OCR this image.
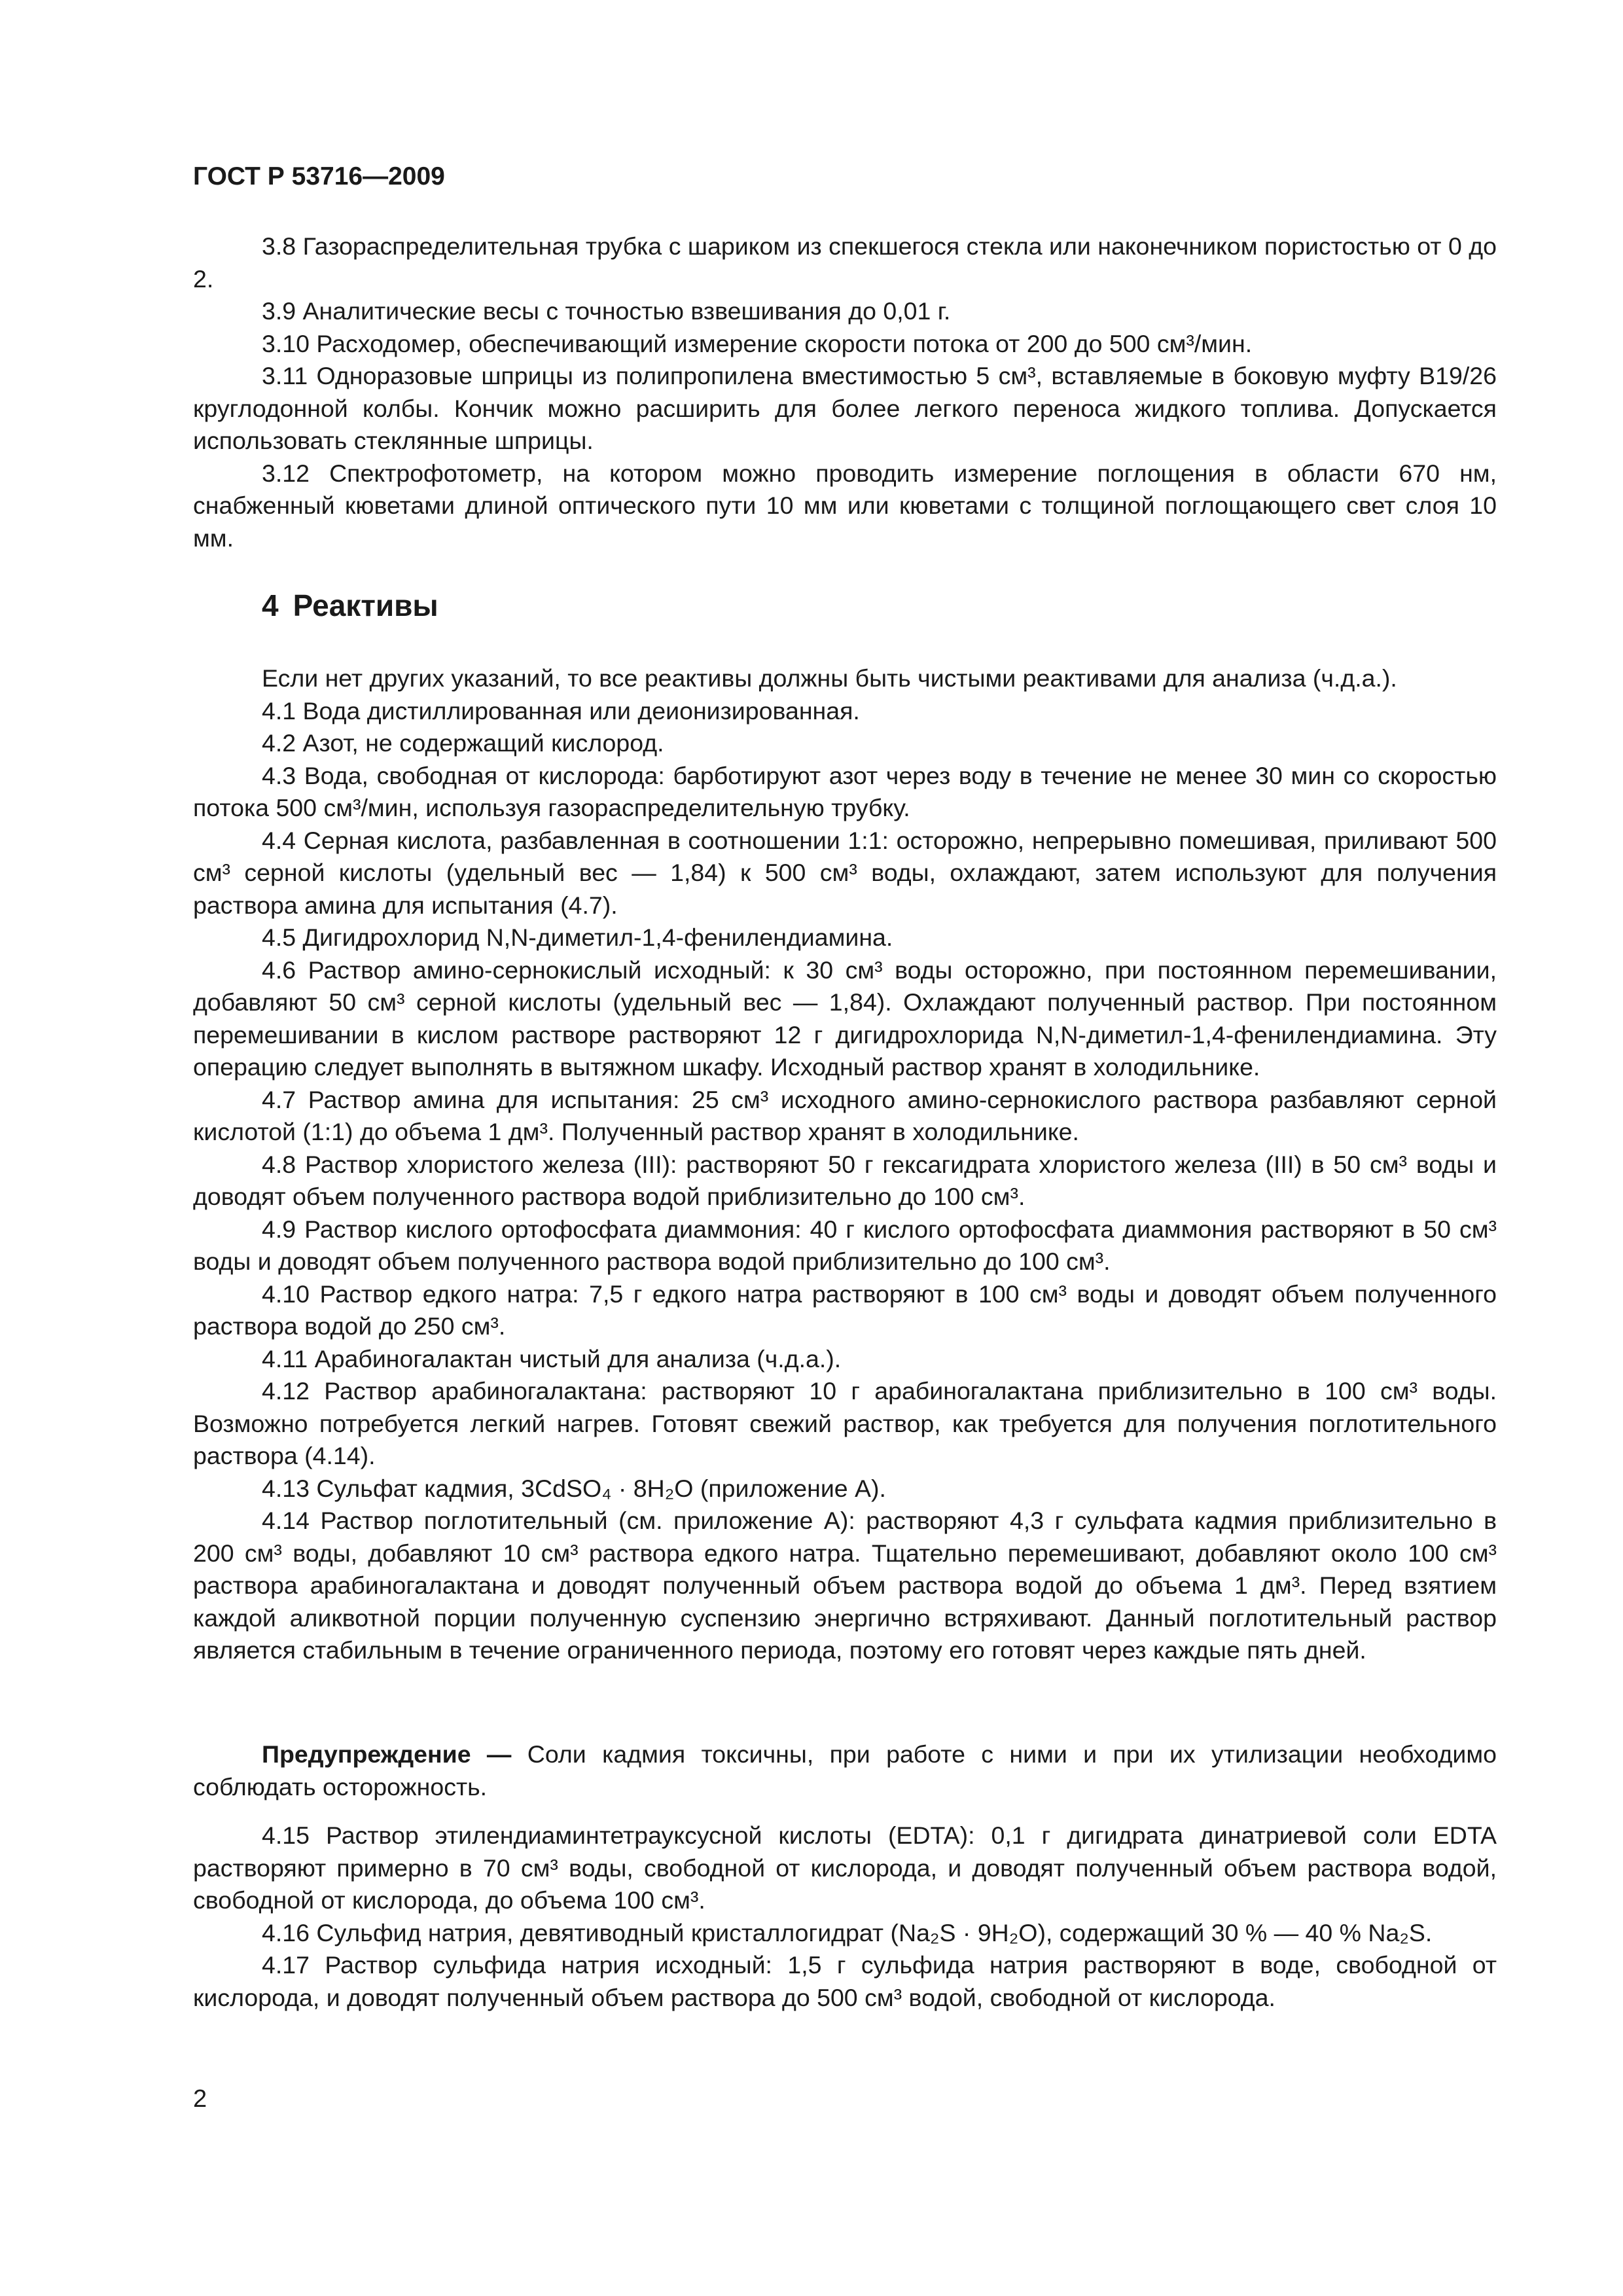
ГОСТ Р 53716—2009

3.8 Газораспределительная трубка с шариком из спекшегося стекла или наконечником пористостью от 0 до 2.

3.9 Аналитические весы с точностью взвешивания до 0,01 г.

3.10 Расходомер, обеспечивающий измерение скорости потока от 200 до 500 см³/мин.

3.11 Одноразовые шприцы из полипропилена вместимостью 5 см³, вставляемые в боковую муфту B19/26 круглодонной колбы. Кончик можно расширить для более легкого переноса жидкого топлива. Допускается использовать стеклянные шприцы.

3.12 Спектрофотометр, на котором можно проводить измерение поглощения в области 670 нм, снабженный кюветами длиной оптического пути 10 мм или кюветами с толщиной поглощающего свет слоя 10 мм.

4 Реактивы

Если нет других указаний, то все реактивы должны быть чистыми реактивами для анализа (ч.д.а.).

4.1 Вода дистиллированная или деионизированная.

4.2 Азот, не содержащий кислород.

4.3 Вода, свободная от кислорода: барботируют азот через воду в течение не менее 30 мин со скоростью потока 500 см³/мин, используя газораспределительную трубку.

4.4 Серная кислота, разбавленная в соотношении 1:1: осторожно, непрерывно помешивая, приливают 500 см³ серной кислоты (удельный вес — 1,84) к 500 см³ воды, охлаждают, затем используют для получения раствора амина для испытания (4.7).

4.5 Дигидрохлорид N,N-диметил-1,4-фенилендиамина.

4.6 Раствор амино-сернокислый исходный: к 30 см³ воды осторожно, при постоянном перемешивании, добавляют 50 см³ серной кислоты (удельный вес — 1,84). Охлаждают полученный раствор. При постоянном перемешивании в кислом растворе растворяют 12 г дигидрохлорида N,N-диметил-1,4-фенилендиамина. Эту операцию следует выполнять в вытяжном шкафу. Исходный раствор хранят в холодильнике.

4.7 Раствор амина для испытания: 25 см³ исходного амино-сернокислого раствора разбавляют серной кислотой (1:1) до объема 1 дм³. Полученный раствор хранят в холодильнике.

4.8 Раствор хлористого железа (III): растворяют 50 г гексагидрата хлористого железа (III) в 50 см³ воды и доводят объем полученного раствора водой приблизительно до 100 см³.

4.9 Раствор кислого ортофосфата диаммония: 40 г кислого ортофосфата диаммония растворяют в 50 см³ воды и доводят объем полученного раствора водой приблизительно до 100 см³.

4.10 Раствор едкого натра: 7,5 г едкого натра растворяют в 100 см³ воды и доводят объем полученного раствора водой до 250 см³.

4.11 Арабиногалактан чистый для анализа (ч.д.а.).

4.12 Раствор арабиногалактана: растворяют 10 г арабиногалактана приблизительно в 100 см³ воды. Возможно потребуется легкий нагрев. Готовят свежий раствор, как требуется для получения поглотительного раствора (4.14).

4.13 Сульфат кадмия, 3CdSO₄ · 8H₂O (приложение А).

4.14 Раствор поглотительный (см. приложение А): растворяют 4,3 г сульфата кадмия приблизительно в 200 см³ воды, добавляют 10 см³ раствора едкого натра. Тщательно перемешивают, добавляют около 100 см³ раствора арабиногалактана и доводят полученный объем раствора водой до объема 1 дм³. Перед взятием каждой аликвотной порции полученную суспензию энергично встряхивают. Данный поглотительный раствор является стабильным в течение ограниченного периода, поэтому его готовят через каждые пять дней.

Предупреждение — Соли кадмия токсичны, при работе с ними и при их утилизации необходимо соблюдать осторожность.

4.15 Раствор этилендиаминтетрауксусной кислоты (EDTA): 0,1 г дигидрата динатриевой соли EDTA растворяют примерно в 70 см³ воды, свободной от кислорода, и доводят полученный объем раствора водой, свободной от кислорода, до объема 100 см³.

4.16 Сульфид натрия, девятиводный кристаллогидрат (Na₂S · 9H₂O), содержащий 30 % — 40 % Na₂S.

4.17 Раствор сульфида натрия исходный: 1,5 г сульфида натрия растворяют в воде, свободной от кислорода, и доводят полученный объем раствора до 500 см³ водой, свободной от кислорода.

2
